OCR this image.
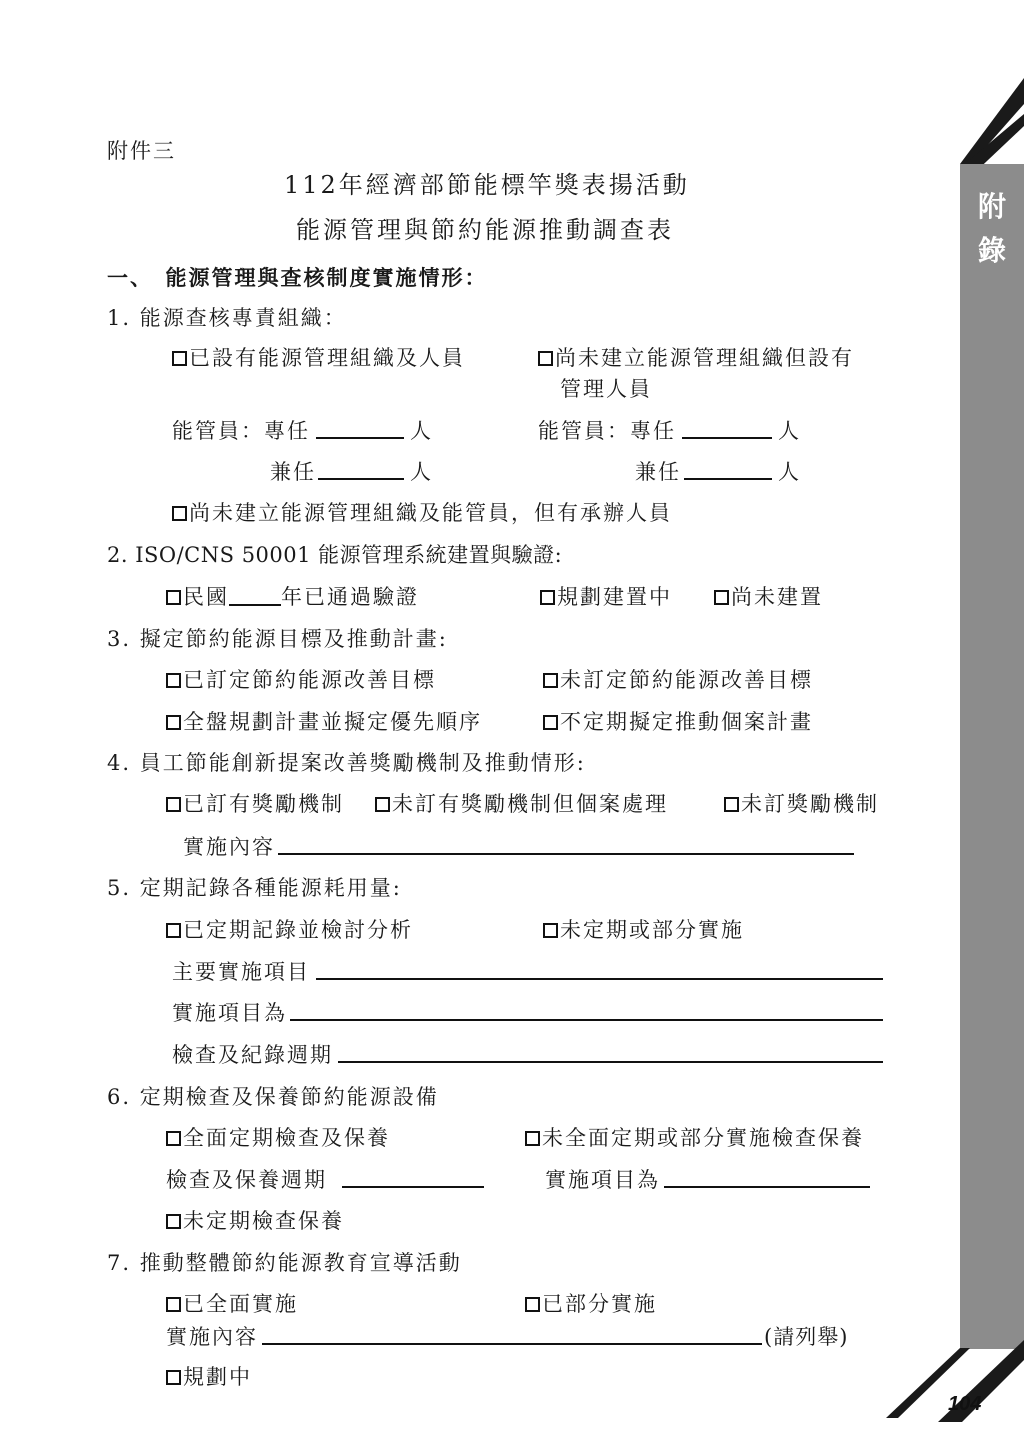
附錄
104
附件三
112年經濟部節能標竿獎表揚活動
能源管理與節約能源推動調查表
一、　能源管理與查核制度實施情形：
1. 能源查核專責組織：
已設有能源管理組織及人員	尚未建立能源管理組織但設有
管理人員
能管員：專任	人	能管員：專任	人
兼任	人	兼任	人
尚未建立能源管理組織及能管員，但有承辦人員
2. ISO/CNS 50001 能源管理系統建置與驗證:
民國 年已通過驗證	規劃建置中	尚未建置
3. 擬定節約能源目標及推動計畫:
已訂定節約能源改善目標	未訂定節約能源改善目標
全盤規劃計畫並擬定優先順序	不定期擬定推動個案計畫
4. 員工節能創新提案改善獎勵機制及推動情形:
已訂有獎勵機制	未訂有獎勵機制但個案處理	未訂獎勵機制
實施內容
5. 定期記錄各種能源耗用量:
已定期記錄並檢討分析	未定期或部分實施
主要實施項目
實施項目為
檢查及紀錄週期
6. 定期檢查及保養節約能源設備
全面定期檢查及保養	未全面定期或部分實施檢查保養
檢查及保養週期	實施項目為
未定期檢查保養
7. 推動整體節約能源教育宣導活動
已全面實施	已部分實施
實施內容	(請列舉)
規劃中
